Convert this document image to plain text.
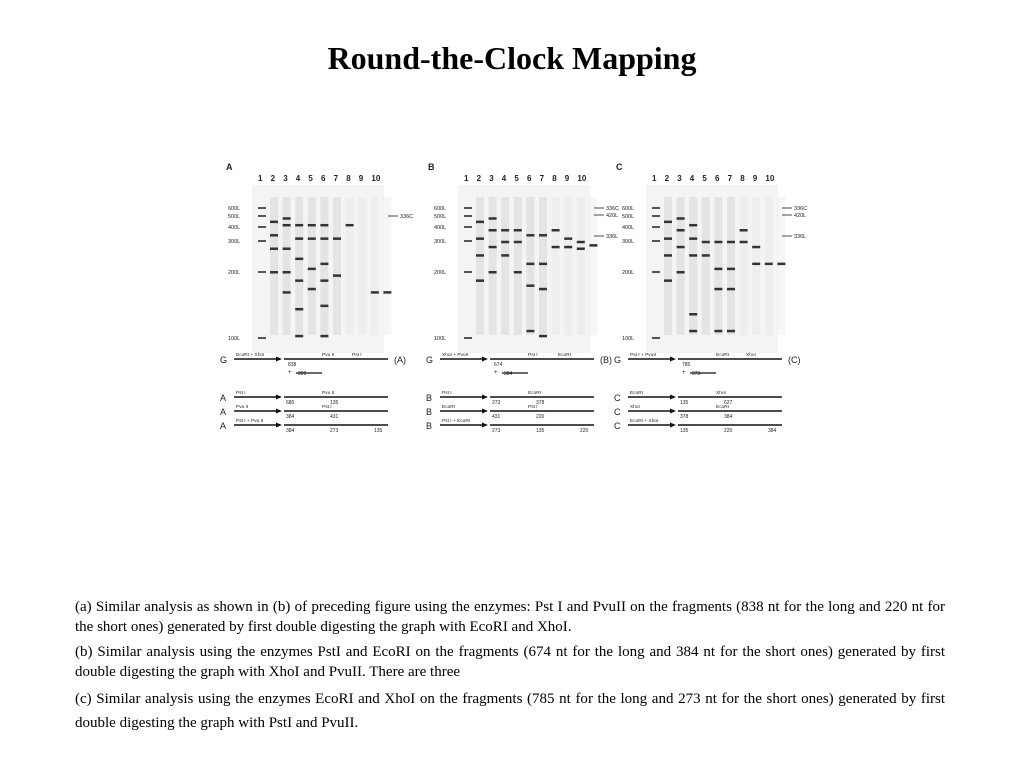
Round-the-Clock Mapping
A
1 2 3 4 5 6 7 8 9 10
600L
500L
400L
300L
200L
100L
336C
G EcoRI + XhoI	Pvu II	Pst I
838
220
+
A Pst I	Pvu II
680	135
A Pvu II	Pst I
384	431
A Pst I + Pvu II
384	273	135
(A)
B
1 2 3 4 5 6 7 8 9 10
600L
500L
400L
300L
200L
100L
336C
420L
336L
G XhoI + PvuII	Pst I	EcoRI
674
384
+
B Pst I	EcoRI
273	378
B EcoRI	Pst I
431	220
B Pst I + EcoRI
273	135	220
(B)
C
1 2 3 4 5 6 7 8 9 10
600L
500L
400L
300L
200L
100L
336C
420L
336L
G Pst I + PvuII	EcoRI	XhoI
785
273
+
C EcoRI	XhoI
135	627
C XhoI	EcoRI
378	384
C EcoRI + XhoI
135	220	384
(C)
(a) Similar analysis as shown in (b) of preceding figure using the enzymes: Pst I and PvuII on the fragments (838 nt for the long and 220 nt for the short ones) generated by first double digesting the graph with EcoRI and XhoI.
(b) Similar analysis using the enzymes PstI and EcoRI on the fragments (674 nt for the long and 384 nt for the short ones) generated by first double digesting the graph with XhoI and PvuII. There are three
(c) Similar analysis using the enzymes EcoRI and XhoI on the fragments (785 nt for the long and 273 nt for the short ones) generated by first double digesting the graph with PstI and PvuII.
